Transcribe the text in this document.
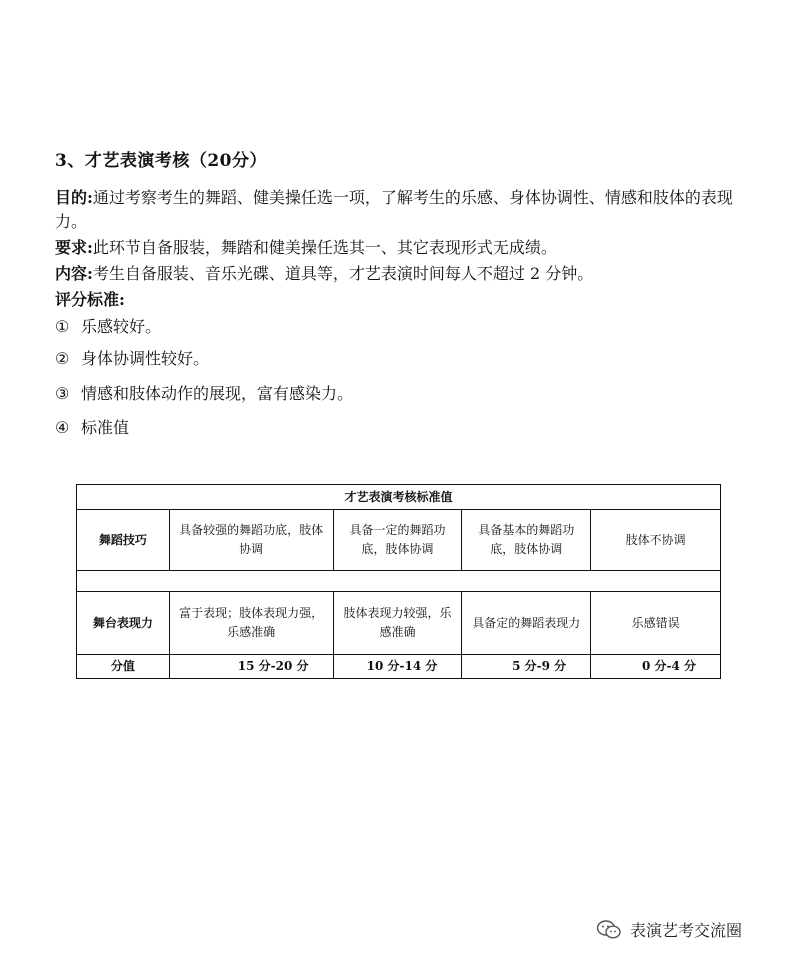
3、才艺表演考核（20分）
目的:通过考察考生的舞蹈、健美操任选一项，了解考生的乐感、身体协调性、情感和肢体的表现力。
要求:此环节自备服装，舞踏和健美操任选其一、其它表现形式无成绩。
内容:考生自备服装、音乐光碟、道具等，才艺表演时间每人不超过 2 分钟。
评分标准:
① 乐感较好。
② 身体协调性较好。
③ 情感和肢体动作的展现，富有感染力。
④ 标准值
才艺表演考核标准值				
舞蹈技巧	具备较强的舞蹈功底，肢体协调	具备一定的舞蹈功底，肢体协调	具备基本的舞蹈功底，肢体协调	肢体不协调

舞台表现力	富于表现；肢体表现力强，乐感准确	肢体表现力较强，乐感准确	具备定的舞蹈表现力	乐感错误
分值	15 分-20 分	10 分-14 分	5 分-9 分	0 分-4 分
表演艺考交流圈
